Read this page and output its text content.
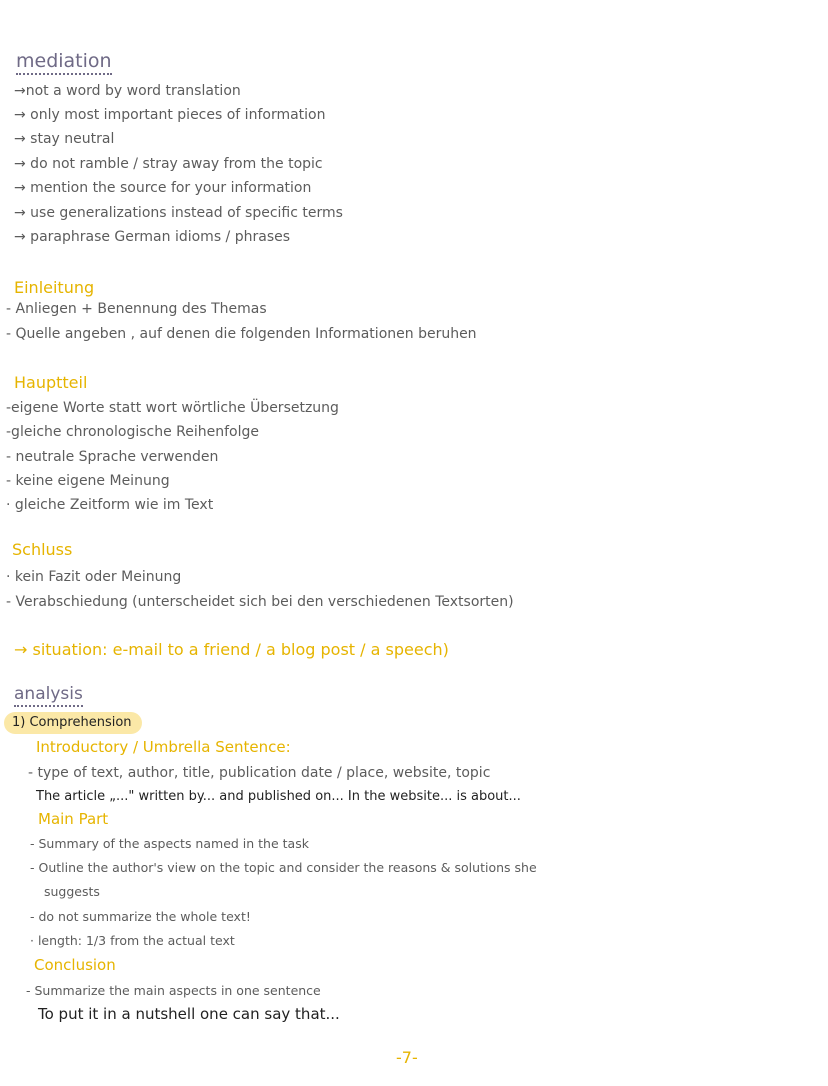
mediation
→not a word by word translation
→ only most important pieces of information
→ stay neutral
→ do not ramble / stray away from the topic
→ mention the source for your information
→ use generalizations instead of specific terms
→ paraphrase German idioms / phrases
Einleitung
- Anliegen + Benennung des Themas
- Quelle angeben , auf denen die folgenden Informationen beruhen
Hauptteil
-eigene Worte statt wort wörtliche Übersetzung
-gleiche chronologische Reihenfolge
- neutrale Sprache verwenden
- keine eigene Meinung
· gleiche Zeitform wie im Text
Schluss
· kein Fazit oder Meinung
- Verabschiedung (unterscheidet sich bei den verschiedenen Textsorten)
→ situation: e-mail to a friend / a blog post / a speech)
analysis
1) Comprehension
Introductory / Umbrella Sentence:
- type of text, author, title, publication date / place, website, topic
The article „..." written by... and published on... In the website... is about...
Main Part
- Summary of the aspects named in the task
- Outline the author's view on the topic and consider the reasons & solutions she
suggests
- do not summarize the whole text!
· length: 1/3 from the actual text
Conclusion
- Summarize the main aspects in one sentence
To put it in a nutshell one can say that...
-7-
